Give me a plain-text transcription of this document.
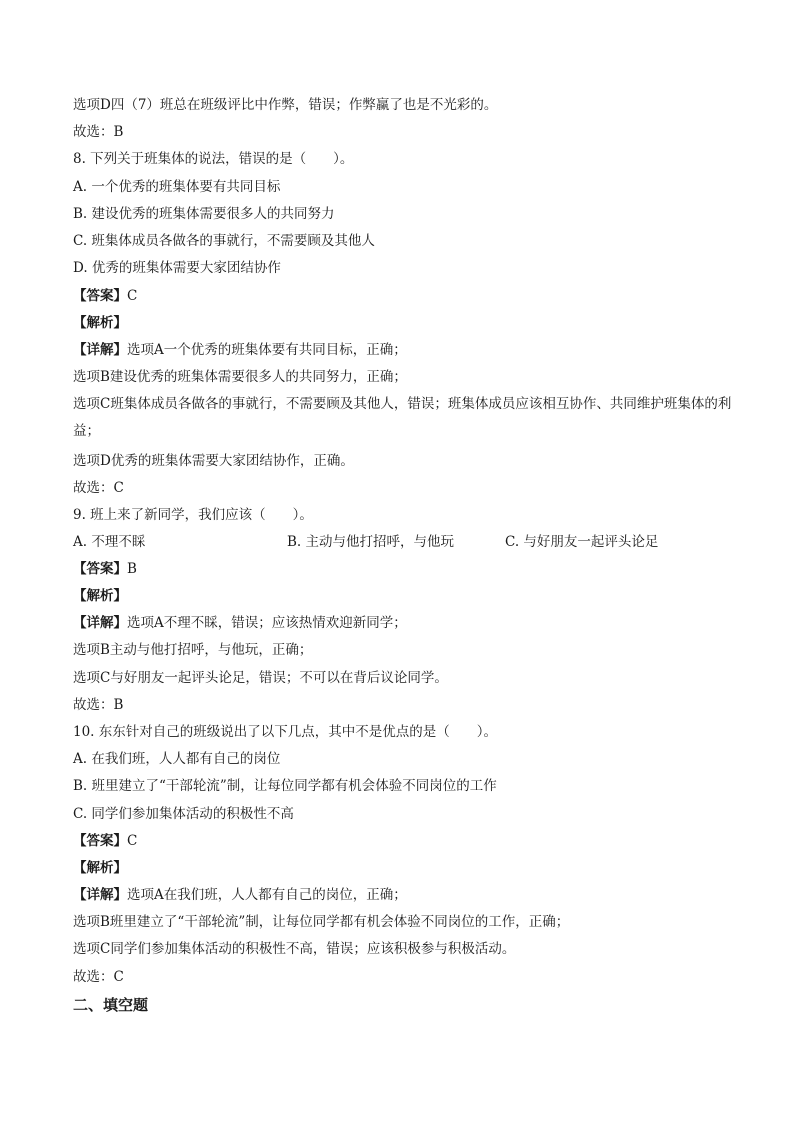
选项D四（7）班总在班级评比中作弊，错误；作弊赢了也是不光彩的。
故选：B
8. 下列关于班集体的说法，错误的是（　　）。
A. 一个优秀的班集体要有共同目标
B. 建设优秀的班集体需要很多人的共同努力
C. 班集体成员各做各的事就行，不需要顾及其他人
D. 优秀的班集体需要大家团结协作
【答案】C
【解析】
【详解】选项A一个优秀的班集体要有共同目标，正确；
选项B建设优秀的班集体需要很多人的共同努力，正确；
选项C班集体成员各做各的事就行，不需要顾及其他人，错误；班集体成员应该相互协作、共同维护班集体的利益；
选项D优秀的班集体需要大家团结协作，正确。
故选：C
9. 班上来了新同学，我们应该（　　）。
A. 不理不睬	B. 主动与他打招呼，与他玩	C. 与好朋友一起评头论足
【答案】B
【解析】
【详解】选项A不理不睬，错误；应该热情欢迎新同学；
选项B主动与他打招呼，与他玩，正确；
选项C与好朋友一起评头论足，错误；不可以在背后议论同学。
故选：B
10. 东东针对自己的班级说出了以下几点，其中不是优点的是（　　）。
A. 在我们班，人人都有自己的岗位
B. 班里建立了“干部轮流”制，让每位同学都有机会体验不同岗位的工作
C. 同学们参加集体活动的积极性不高
【答案】C
【解析】
【详解】选项A在我们班，人人都有自己的岗位，正确；
选项B班里建立了“干部轮流”制，让每位同学都有机会体验不同岗位的工作，正确；
选项C同学们参加集体活动的积极性不高，错误；应该积极参与积极活动。
故选：C
二、填空题
